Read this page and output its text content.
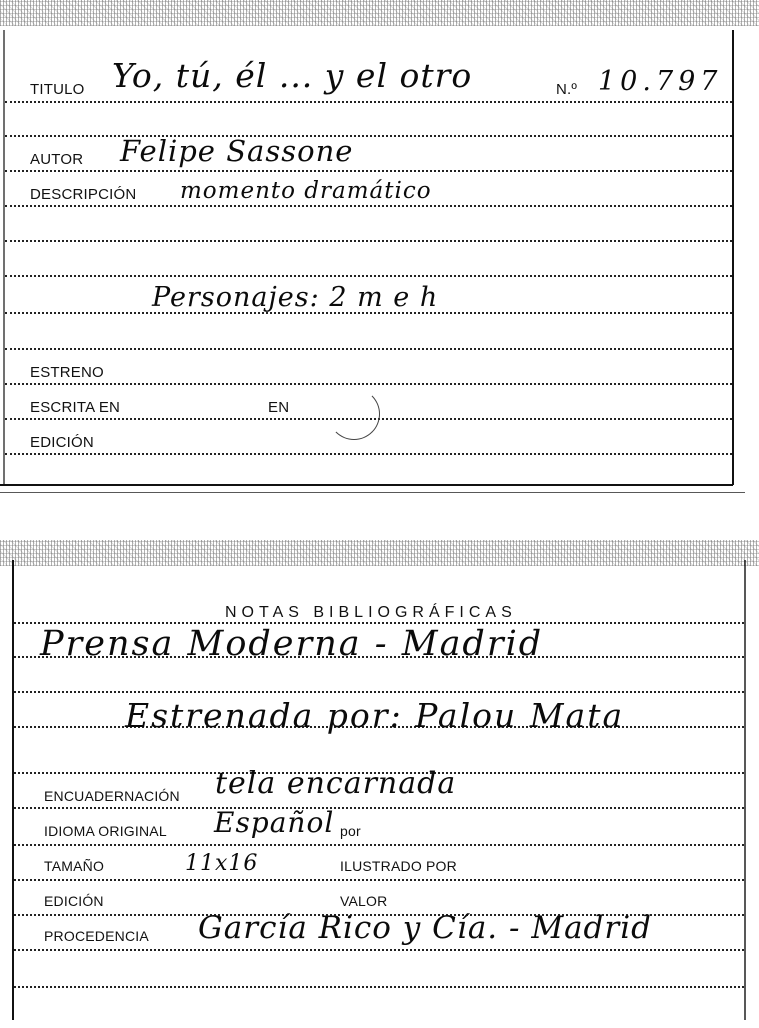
TITULO Yo, tú, él ... y el otro	N.º 10.797
AUTOR Felipe Sassone
DESCRIPCIÓN momento dramático
Personajes: 2 m e h
ESTRENO
ESCRITA EN	EN
EDICIÓN
NOTAS BIBLIOGRÁFICAS
Prensa Moderna - Madrid
Estrenada por: Palou Mata
ENCUADERNACIÓN tela encarnada
IDIOMA ORIGINAL Español por
TAMAÑO	11x16	ILUSTRADO POR
EDICIÓN	VALOR
PROCEDENCIA García Rico y Cía. - Madrid
